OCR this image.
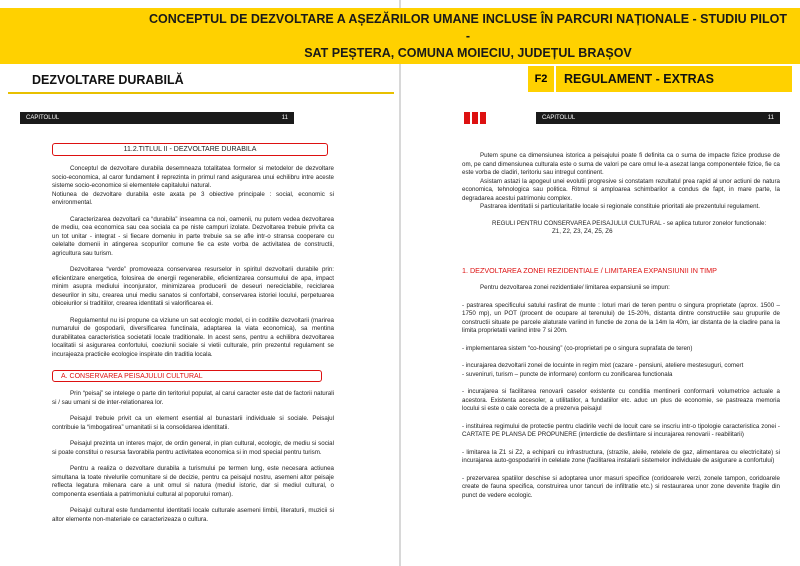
DEZVOLTARE DURABILĂ
CAPITOLUL	11
11.2.TITLUL II - DEZVOLTARE DURABILA

Conceptul de dezvoltare durabila desemneaza totalitatea formelor si metodelor de dezvoltare socio-economica, al caror fundament il reprezinta in primul rand asigurarea unui echilibru intre aceste sisteme socio-economice si elementele capitalului natural.

Notiunea de dezvoltare durabila este axata pe 3 obiective principale : social, economic si environmental.

Caracterizarea dezvoltarii ca “durabila” inseamna ca noi, oamenii, nu putem vedea dezvoltarea de mediu, cea economica sau cea sociala ca pe niste campuri izolate. Dezvoltarea trebuie privita ca un tot unitar - integrat - si fiecare domeniu in parte trebuie sa se afle intr-o stransa cooperare cu celelalte domenii in atingerea scopurilor comune fie ca este vorba de activitatea de constructii, agricultura sau turism.

Dezvoltarea “verde” promoveaza conservarea resurselor in spiritul dezvoltarii durabile prin: eficientizare energetica, folosirea de energii regenerabile, eficientizarea consumului de apa, impact minim asupra mediului inconjurator, minimizarea producerii de deseuri nereciclabile, reciclarea deseurilor in situ, crearea unui mediu sanatos si confortabil, conservarea istoriei locului, perpetuarea obiceiurilor si traditiilor, crearea identitatii si valorificarea ei.

Regulamentul nu isi propune ca viziune un sat ecologic model, ci in coditiile dezvoltarii (marirea numarului de gospodarii, diversificarea functinala, adaptarea la viata economica), sa mentina durabilitatea caracteristica societatii locale traditionale. In acest sens, pentru a echilibra dezvoltarea localitatii si asigurarea confortului, coeziunii sociale si vietii culturale, prin prezentul regulament se incurajeaza practicile ecologice inspirate din traditia locala.

A. CONSERVAREA PEISAJULUI CULTURAL

Prin “peisaj” se intelege o parte din teritoriul populat, al carui caracter este dat de factorii naturali si / sau umani si de inter-relationarea lor.

Peisajul trebuie privit ca un element esential al bunastarii individuale si sociale. Peisajul contribuie la “imbogatirea” umanitatii si la consolidarea identitatii.

Peisajul prezinta un interes major, de ordin general, in plan cultural, ecologic, de mediu si social si poate constitui o resursa favorabila pentru activitatea economica si in mod special pentru turism.

Pentru a realiza o dezvoltare durabila a turismului pe termen lung, este necesara actiunea simultana la toate nivelurile comunitare si de decizie, pentru ca peisajul nostru, asemeni altor peisaje reflecta legatura milenara care a unit omul si natura (mediul istoric, dar si mediul cultural, o componenta esentiala a patrimoniului cultural al poporului roman).

Peisajul cultural este fundamentul identitatii locale culturale asemeni limbii, literaturii, muzicii si altor elemente non-materiale ce caracterizeaza o cultura.

F2	REGULAMENT - EXTRAS
CAPITOLUL	11

Putem spune ca dimensiunea istorica a peisajului poate fi definita ca o suma de impacte fizice produse de om, pe cand dimensiunea culturala este o suma de valori pe care omul le-a asezat langa componentele fizice, fie ca este vorba de cladiri, teritoriu sau intregul continent.

Asistam astazi la apogeul unei evolutii progresive si constatam rezultatul prea rapid al unor actiuni de natura economica, tehnologica sau politica. Ritmul si amploarea schimbarilor a condus de fapt, in mare parte, la degradarea acestui patrimoniu complex.

Pastrarea identitatii si particularitatile locale si regionale constituie prioritati ale prezentului regulament.

REGULI PENTRU CONSERVAREA PEISAJULUI CULTURAL - se aplica tuturor zonelor functionale:

Z1, Z2, Z3, Z4, Z5, Z6

1. DEZVOLTAREA ZONEI REZIDENTIALE / LIMITAREA EXPANSIUNII IN TIMP

Pentru dezvoltarea zonei rezidentiale/ limitarea expansiunii se impun:

- pastrarea specificului satului rasfirat de munte : loturi mari de teren pentru o singura proprietate (aprox. 1500 – 1750 mp), un POT (procent de ocupare al terenului) de 15-20%, distanta dintre constructiile sau grupurile de constructii situate pe parcele alaturate variind in functie de zona de la 14m la 40m, iar distanta de la cladire pana la limita proprietatii variind intre 7 si 20m.

- implementarea sistem “co-housing” (co-proprietari pe o singura suprafata de teren)

- incurajarea dezvoltarii zonei de locuinte in regim mixt (cazare - pensiuni, ateliere mestesuguri, comert
- suveniruri, turism – puncte de informare) conform cu zonificarea functionala

- incurajarea si facilitarea renovarii caselor existente cu conditia mentinerii conformarii volumetrice actuale a acestora. Existenta accesoler, a utilitatilor, a fundatiilor etc. aduc un plus de economie, se pastreaza memoria locului si este o cale corecta de a prezerva peisajul

- instituirea regimului de protectie pentru cladirile vechi de locuit care se inscriu intr-o tipologie caracteristica zonei - CARTATE PE PLANSA DE PROPUNERE (interdictie de desfiintare si incurajarea renovarii - reabilitarii)

- limitarea la Z1 si Z2, a echiparii cu infrastructura, (strazile, aleile, retelele de gaz, alimentarea cu electricitate) si incurajarea auto-gospodaririi in celelate zone (facilitarea instalarii sistemelor individuale de asigurare a confortului)

- prezervarea spatiilor deschise si adoptarea unor masuri specifice (coridoarele verzi, zonele tampon, coridoarele create de fauna specifica, construirea unor tancuri de infiltratie etc.) si restaurarea unor zone devenite fragile din punct de vedere ecologic.

CONCEPTUL DE DEZVOLTARE A AȘEZĂRILOR UMANE INCLUSE ÎN PARCURI NAȚIONALE - STUDIU PILOT -
SAT PEȘTERA, COMUNA MOIECIU, JUDEȚUL BRAȘOV
